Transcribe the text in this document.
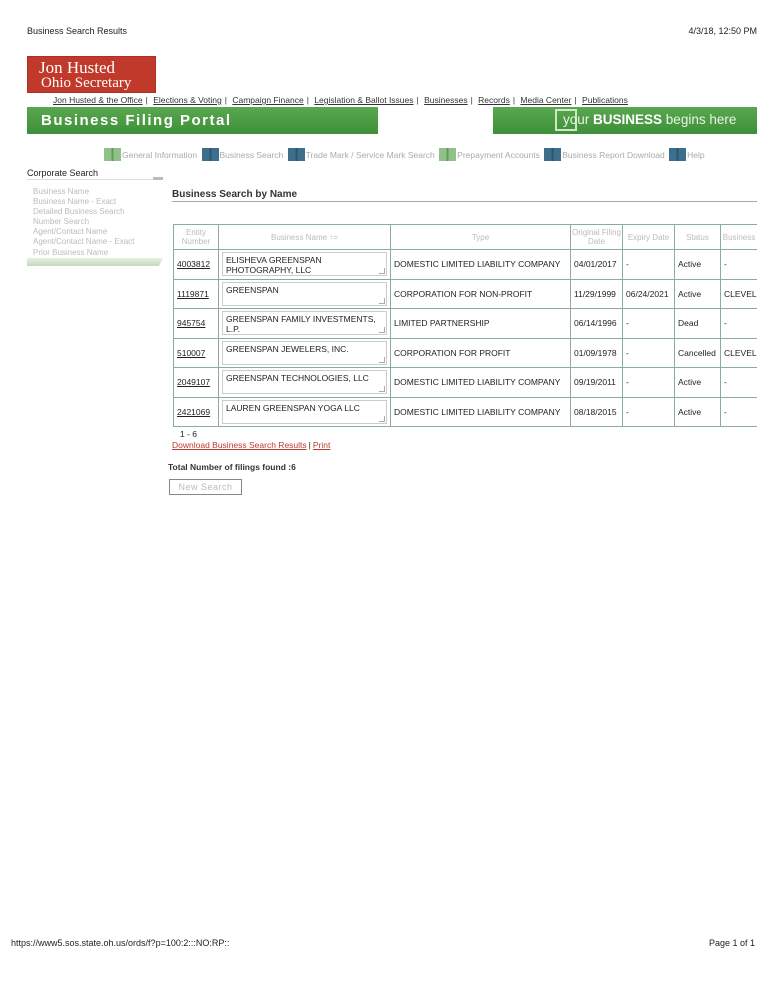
Business Search Results	4/3/18, 12:50 PM
Jon Husted
Ohio Secretary
Jon Husted & the Office | Elections & Voting | Campaign Finance | Legislation & Ballot Issues | Businesses | Records | Media Center | Publications
Business Filing Portal	your BUSINESS begins here
General Information	Business Search	Trade Mark / Service Mark Search	Prepayment Accounts	Business Report Download	Help
Corporate Search
Business Name
Business Name - Exact
Detailed Business Search
Number Search
Agent/Contact Name
Agent/Contact Name - Exact
Prior Business Name
Business Search by Name
Entity Number	Business Name ↑=	Type	Original Filing Date	Expiry Date	Status	Business
4003812	ELISHEVA GREENSPAN PHOTOGRAPHY, LLC	DOMESTIC LIMITED LIABILITY COMPANY	04/01/2017	-	Active	-
1119871	GREENSPAN	CORPORATION FOR NON-PROFIT	11/29/1999	06/24/2021	Active	CLEVEL
945754	GREENSPAN FAMILY INVESTMENTS, L.P.	LIMITED PARTNERSHIP	06/14/1996	-	Dead	-
510007	GREENSPAN JEWELERS, INC.	CORPORATION FOR PROFIT	01/09/1978	-	Cancelled	CLEVEL
2049107	GREENSPAN TECHNOLOGIES, LLC	DOMESTIC LIMITED LIABILITY COMPANY	09/19/2011	-	Active	-
2421069	LAUREN GREENSPAN YOGA LLC	DOMESTIC LIMITED LIABILITY COMPANY	08/18/2015	-	Active	-
1 - 6
Download Business Search Results | Print
Total Number of filings found :6
New Search
https://www5.sos.state.oh.us/ords/f?p=100:2:::NO:RP::	Page 1 of 1
